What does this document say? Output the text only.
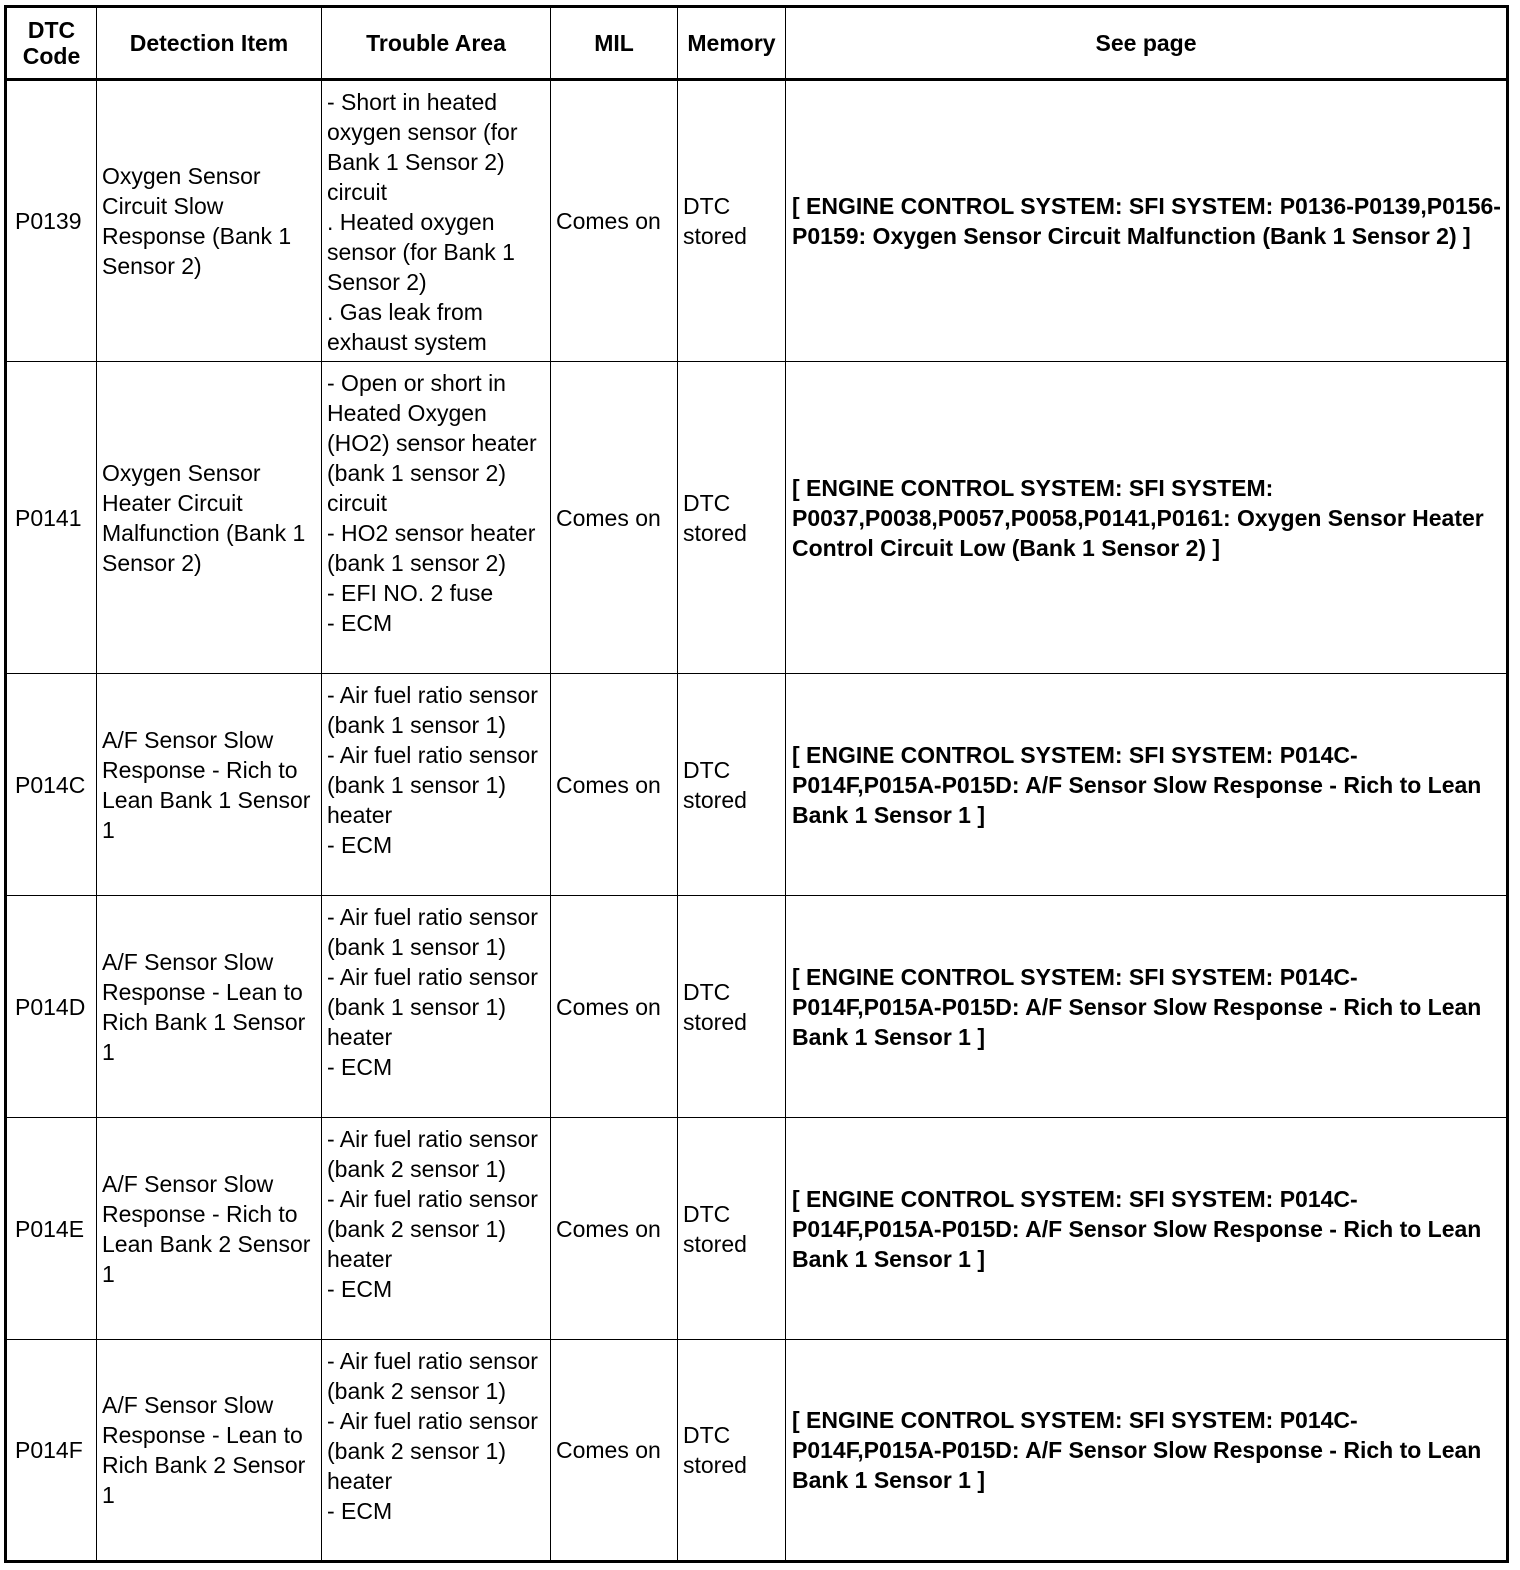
DTC Code	Detection Item	Trouble Area	MIL	Memory	See page
P0139	Oxygen Sensor Circuit Slow Response (Bank 1 Sensor 2)	- Short in heated oxygen sensor (for Bank 1 Sensor 2) circuit
. Heated oxygen sensor (for Bank 1 Sensor 2)
. Gas leak from exhaust system	Comes on	DTC stored	[ ENGINE CONTROL SYSTEM: SFI SYSTEM: P0136-P0139,P0156-P0159: Oxygen Sensor Circuit Malfunction (Bank 1 Sensor 2) ]
P0141	Oxygen Sensor Heater Circuit Malfunction (Bank 1 Sensor 2)	- Open or short in Heated Oxygen (HO2) sensor heater (bank 1 sensor 2) circuit
- HO2 sensor heater (bank 1 sensor 2)
- EFI NO. 2 fuse
- ECM	Comes on	DTC stored	[ ENGINE CONTROL SYSTEM: SFI SYSTEM: P0037,P0038,P0057,P0058,P0141,P0161: Oxygen Sensor Heater Control Circuit Low (Bank 1 Sensor 2) ]
P014C	A/F Sensor Slow Response - Rich to Lean Bank 1 Sensor 1	- Air fuel ratio sensor (bank 1 sensor 1)
- Air fuel ratio sensor (bank 1 sensor 1) heater
- ECM	Comes on	DTC stored	[ ENGINE CONTROL SYSTEM: SFI SYSTEM: P014C-P014F,P015A-P015D: A/F Sensor Slow Response - Rich to Lean Bank 1 Sensor 1 ]
P014D	A/F Sensor Slow Response - Lean to Rich Bank 1 Sensor 1	- Air fuel ratio sensor (bank 1 sensor 1)
- Air fuel ratio sensor (bank 1 sensor 1) heater
- ECM	Comes on	DTC stored	[ ENGINE CONTROL SYSTEM: SFI SYSTEM: P014C-P014F,P015A-P015D: A/F Sensor Slow Response - Rich to Lean Bank 1 Sensor 1 ]
P014E	A/F Sensor Slow Response - Rich to Lean Bank 2 Sensor 1	- Air fuel ratio sensor (bank 2 sensor 1)
- Air fuel ratio sensor (bank 2 sensor 1) heater
- ECM	Comes on	DTC stored	[ ENGINE CONTROL SYSTEM: SFI SYSTEM: P014C-P014F,P015A-P015D: A/F Sensor Slow Response - Rich to Lean Bank 1 Sensor 1 ]
P014F	A/F Sensor Slow Response - Lean to Rich Bank 2 Sensor 1	- Air fuel ratio sensor (bank 2 sensor 1)
- Air fuel ratio sensor (bank 2 sensor 1) heater
- ECM	Comes on	DTC stored	[ ENGINE CONTROL SYSTEM: SFI SYSTEM: P014C-P014F,P015A-P015D: A/F Sensor Slow Response - Rich to Lean Bank 1 Sensor 1 ]
